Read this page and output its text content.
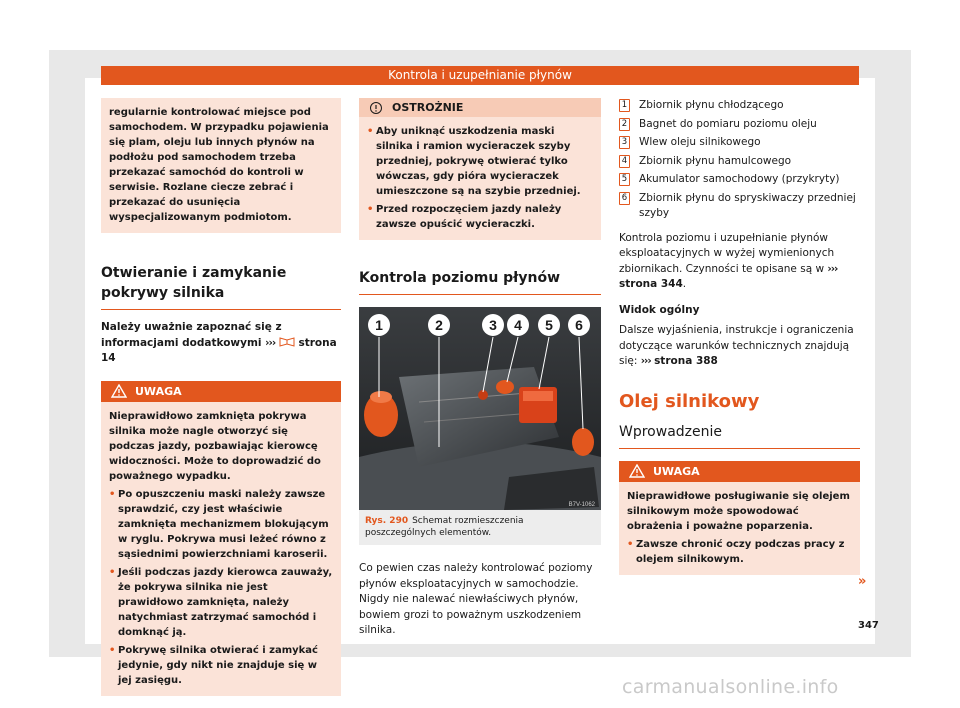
Kontrola i uzupełnianie płynów
regularnie kontrolować miejsce pod samochodem. W przypadku pojawienia się plam, oleju lub innych płynów na podłożu pod samochodem trzeba przekazać samochód do kontroli w serwisie. Rozlane ciecze zebrać i przekazać do usunięcia wyspecjalizowanym podmiotom.
Otwieranie i zamykanie pokrywy silnika
Należy uważnie zapoznać się z informacjami dodatkowymi ››› strona 14
UWAGA
Nieprawidłowo zamknięta pokrywa silnika może nagle otworzyć się podczas jazdy, pozbawiając kierowcę widoczności. Może to doprowadzić do poważnego wypadku.
• Po opuszczeniu maski należy zawsze sprawdzić, czy jest właściwie zamknięta mechanizmem blokującym w ryglu. Pokrywa musi leżeć równo z sąsiednimi powierzchniami karoserii.
• Jeśli podczas jazdy kierowca zauważy, że pokrywa silnika nie jest prawidłowo zamknięta, należy natychmiast zatrzymać samochód i domknąć ją.
• Pokrywę silnika otwierać i zamykać jedynie, gdy nikt nie znajduje się w jej zasięgu.
OSTROŻNIE
• Aby uniknąć uszkodzenia maski silnika i ramion wycieraczek szyby przedniej, pokrywę otwierać tylko wówczas, gdy pióra wycieraczek umieszczone są na szybie przedniej.
• Przed rozpoczęciem jazdy należy zawsze opuścić wycieraczki.
Kontrola poziomu płynów
1	2	3 4 5 6
B7V-1062
Rys. 290 Schemat rozmieszczenia poszczególnych elementów.
Co pewien czas należy kontrolować poziomy płynów eksploatacyjnych w samochodzie. Nigdy nie nalewać niewłaściwych płynów, bowiem grozi to poważnym uszkodzeniem silnika.
1 Zbiornik płynu chłodzącego
2 Bagnet do pomiaru poziomu oleju
3 Wlew oleju silnikowego
4 Zbiornik płynu hamulcowego
5 Akumulator samochodowy (przykryty)
6 Zbiornik płynu do spryskiwaczy przedniej szyby
Kontrola poziomu i uzupełnianie płynów eksploatacyjnych w wyżej wymienionych zbiornikach. Czynności te opisane są w ››› strona 344.
Widok ogólny
Dalsze wyjaśnienia, instrukcje i ograniczenia dotyczące warunków technicznych znajdują się: ››› strona 388
Olej silnikowy
Wprowadzenie
UWAGA
Nieprawidłowe posługiwanie się olejem silnikowym może spowodować obrażenia i poważne poparzenia.
• Zawsze chronić oczy podczas pracy z olejem silnikowym.
»
347
carmanualsonline.info
